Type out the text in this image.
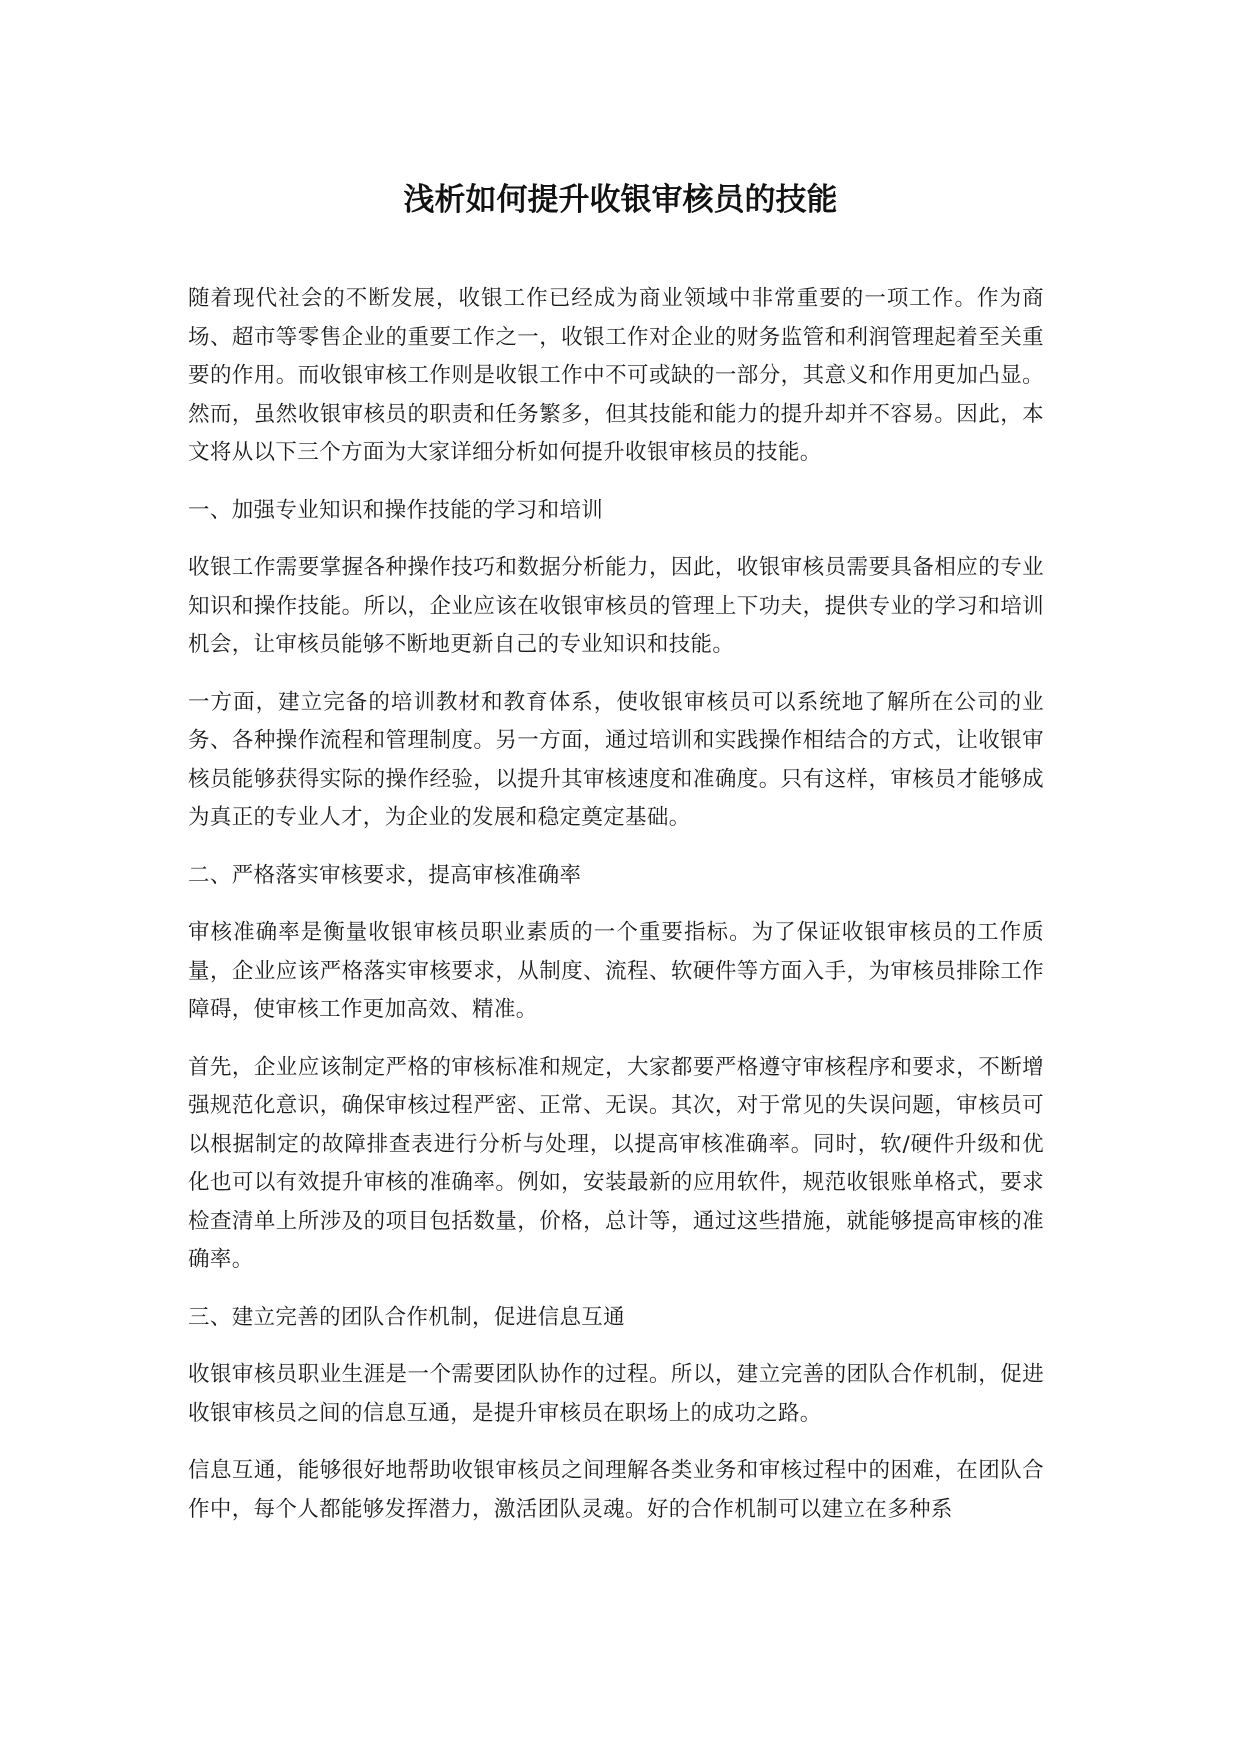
浅析如何提升收银审核员的技能

随着现代社会的不断发展，收银工作已经成为商业领域中非常重要的一项工作。作为商场、超市等零售企业的重要工作之一，收银工作对企业的财务监管和利润管理起着至关重要的作用。而收银审核工作则是收银工作中不可或缺的一部分，其意义和作用更加凸显。然而，虽然收银审核员的职责和任务繁多，但其技能和能力的提升却并不容易。因此，本文将从以下三个方面为大家详细分析如何提升收银审核员的技能。

一、加强专业知识和操作技能的学习和培训

收银工作需要掌握各种操作技巧和数据分析能力，因此，收银审核员需要具备相应的专业知识和操作技能。所以，企业应该在收银审核员的管理上下功夫，提供专业的学习和培训机会，让审核员能够不断地更新自己的专业知识和技能。

一方面，建立完备的培训教材和教育体系，使收银审核员可以系统地了解所在公司的业务、各种操作流程和管理制度。另一方面，通过培训和实践操作相结合的方式，让收银审核员能够获得实际的操作经验，以提升其审核速度和准确度。只有这样，审核员才能够成为真正的专业人才，为企业的发展和稳定奠定基础。

二、严格落实审核要求，提高审核准确率

审核准确率是衡量收银审核员职业素质的一个重要指标。为了保证收银审核员的工作质量，企业应该严格落实审核要求，从制度、流程、软硬件等方面入手，为审核员排除工作障碍，使审核工作更加高效、精准。

首先，企业应该制定严格的审核标准和规定，大家都要严格遵守审核程序和要求，不断增强规范化意识，确保审核过程严密、正常、无误。其次，对于常见的失误问题，审核员可以根据制定的故障排查表进行分析与处理，以提高审核准确率。同时，软/硬件升级和优化也可以有效提升审核的准确率。例如，安装最新的应用软件，规范收银账单格式，要求检查清单上所涉及的项目包括数量，价格，总计等，通过这些措施，就能够提高审核的准确率。

三、建立完善的团队合作机制，促进信息互通

收银审核员职业生涯是一个需要团队协作的过程。所以，建立完善的团队合作机制，促进收银审核员之间的信息互通，是提升审核员在职场上的成功之路。

信息互通，能够很好地帮助收银审核员之间理解各类业务和审核过程中的困难，在团队合作中，每个人都能够发挥潜力，激活团队灵魂。好的合作机制可以建立在多种系
